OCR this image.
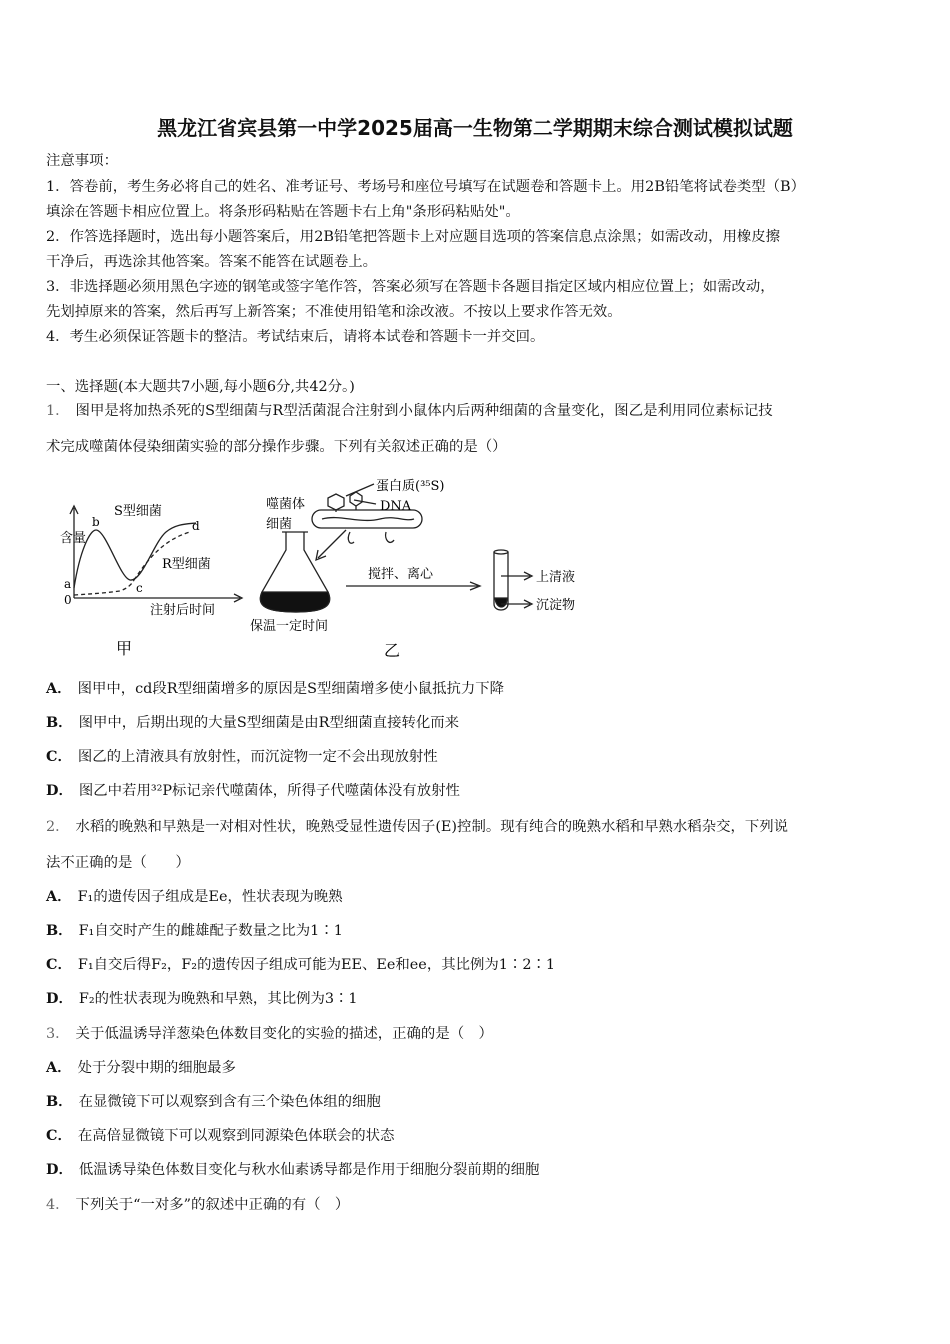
黑龙江省宾县第一中学2025届高一生物第二学期期末综合测试模拟试题
注意事项：
1．答卷前，考生务必将自己的姓名、准考证号、考场号和座位号填写在试题卷和答题卡上。用2B铅笔将试卷类型（B）
填涂在答题卡相应位置上。将条形码粘贴在答题卡右上角"条形码粘贴处"。
2．作答选择题时，选出每小题答案后，用2B铅笔把答题卡上对应题目选项的答案信息点涂黑；如需改动，用橡皮擦
干净后，再选涂其他答案。答案不能答在试题卷上。
3．非选择题必须用黑色字迹的钢笔或签字笔作答，答案必须写在答题卡各题目指定区域内相应位置上；如需改动，
先划掉原来的答案，然后再写上新答案；不准使用铅笔和涂改液。不按以上要求作答无效。
4．考生必须保证答题卡的整洁。考试结束后，请将本试卷和答题卡一并交回。
一、选择题(本大题共7小题,每小题6分,共42分。)
1． 图甲是将加热杀死的S型细菌与R型活菌混合注射到小鼠体内后两种细菌的含量变化，图乙是利用同位素标记技
术完成噬菌体侵染细菌实验的部分操作步骤。下列有关叙述正确的是（）
含量
S型细菌
R型细菌
a
b
c
d
0
注射后时间
甲
噬菌体
细菌
蛋白质(³⁵S)
DNA
搅拌、离心
保温一定时间
上清液
沉淀物
乙
A． 图甲中，cd段R型细菌增多的原因是S型细菌增多使小鼠抵抗力下降
B． 图甲中，后期出现的大量S型细菌是由R型细菌直接转化而来
C． 图乙的上清液具有放射性，而沉淀物一定不会出现放射性
D． 图乙中若用³²P标记亲代噬菌体，所得子代噬菌体没有放射性
2． 水稻的晚熟和早熟是一对相对性状，晚熟受显性遗传因子(E)控制。现有纯合的晚熟水稻和早熟水稻杂交，下列说
法不正确的是（　　）
A． F₁的遗传因子组成是Ee，性状表现为晚熟
B． F₁自交时产生的雌雄配子数量之比为1∶1
C． F₁自交后得F₂，F₂的遗传因子组成可能为EE、Ee和ee，其比例为1∶2∶1
D． F₂的性状表现为晚熟和早熟，其比例为3∶1
3． 关于低温诱导洋葱染色体数目变化的实验的描述，正确的是（　）
A． 处于分裂中期的细胞最多
B． 在显微镜下可以观察到含有三个染色体组的细胞
C． 在高倍显微镜下可以观察到同源染色体联会的状态
D． 低温诱导染色体数目变化与秋水仙素诱导都是作用于细胞分裂前期的细胞
4． 下列关于“一对多”的叙述中正确的有（　）
